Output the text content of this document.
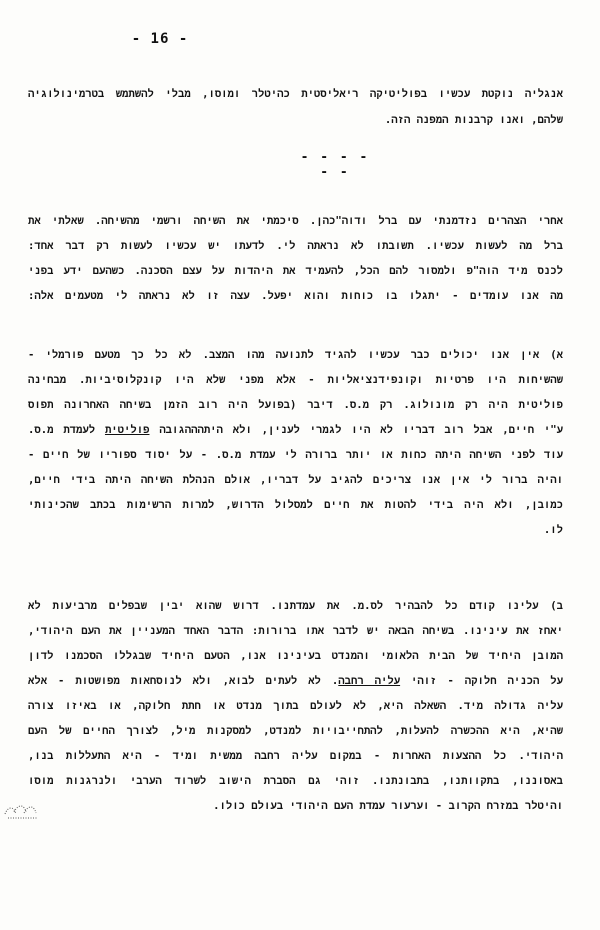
- 16 -
אנגליה נוקטת עכשיו בפוליטיקה ריאליסטית כהיטלר ומוסו, מבלי להשתמש בטרמינולוגיה
שלהם, ואנו קרבנות המפנה הזה.
- - - - - -
אחרי הצהרים נזדמנתי עם ברל ודוה"כהן. סיכמתי את השיחה ורשמי מהשיחה. שאלתי את
ברל מה לעשות עכשיו. תשובתו לא נראתה לי. לדעתו יש עכשיו לעשות רק דבר אחד:
לכנס מיד הוה"פ ולמסור להם הכל, להעמיד את היהדות על עצם הסכנה. כשהעם ידע בפני
מה אנו עומדים - יתגלו בו כוחות והוא יפעל. עצה זו לא נראתה לי מטעמים אלה:
א) אין אנו יכולים כבר עכשיו להגיד לתנועה מהו המצב. לא כל כך מטעם פורמלי -
שהשיחות היו פרטיות וקונפידנציאליות - אלא מפני שלא היו קונקלוסיביות. מבחינה
פוליטית היה רק מונולוג. רק מ.ס. דיבר (בפועל היה רוב הזמן בשיחה האחרונה תפוס
ע"י חיים, אבל רוב דבריו לא היו לגמרי לענין, ולא היתהההגובה פוליטית לעמדת מ.ס.
עוד לפני השיחה היתה כחות או יותר ברורה לי עמדת מ.ס. - על יסוד ספוריו של חיים -
והיה ברור לי אין אנו צריכים להגיב על דבריו, אולם הנהלת השיחה היתה בידי חיים,
כמובן, ולא היה בידי להטות את חיים למסלול הדרוש, למרות הרשימות בכתב שהכינותי
לו.
ב) עלינו קודם כל להבהיר לס.מ. את עמדתנו. דרוש שהוא יבין שבפלים מרביעות לא
יאחז את עינינו. בשיחה הבאה יש לדבר אתו ברורות: הדבר האחד המעניין את העם היהודי,
המובן היחיד של הבית הלאומי והמנדט בעינינו אנו, הטעם היחיד שבגללו הסכמנו לדון
על הכניה חלוקה - זוהי עליה רחבה. לא לעתים לבוא, ולא לנוסחאות מפושטות - אלא
עליה גדולה מיד. השאלה היא, לא לעולם בתוך מנדט או חתת חלוקה, או באיזו צורה
שהיא, היא ההכשרה להעלות, להתחייבויות למנדט, למסקנות מיל, לצורך החיים של העם
היהודי. כל ההצעות האחרות - במקום עליה רחבה ממשית ומיד - היא התעללות בנו,
באסוננו, בתקוותנו, בתבונתנו. זוהי גם הסברת הישוב לשרוד הערבי ולנרגנות מוסו
והיטלר במזרח הקרוב - וערעור עמדת העם היהודי בעולם כולו.
